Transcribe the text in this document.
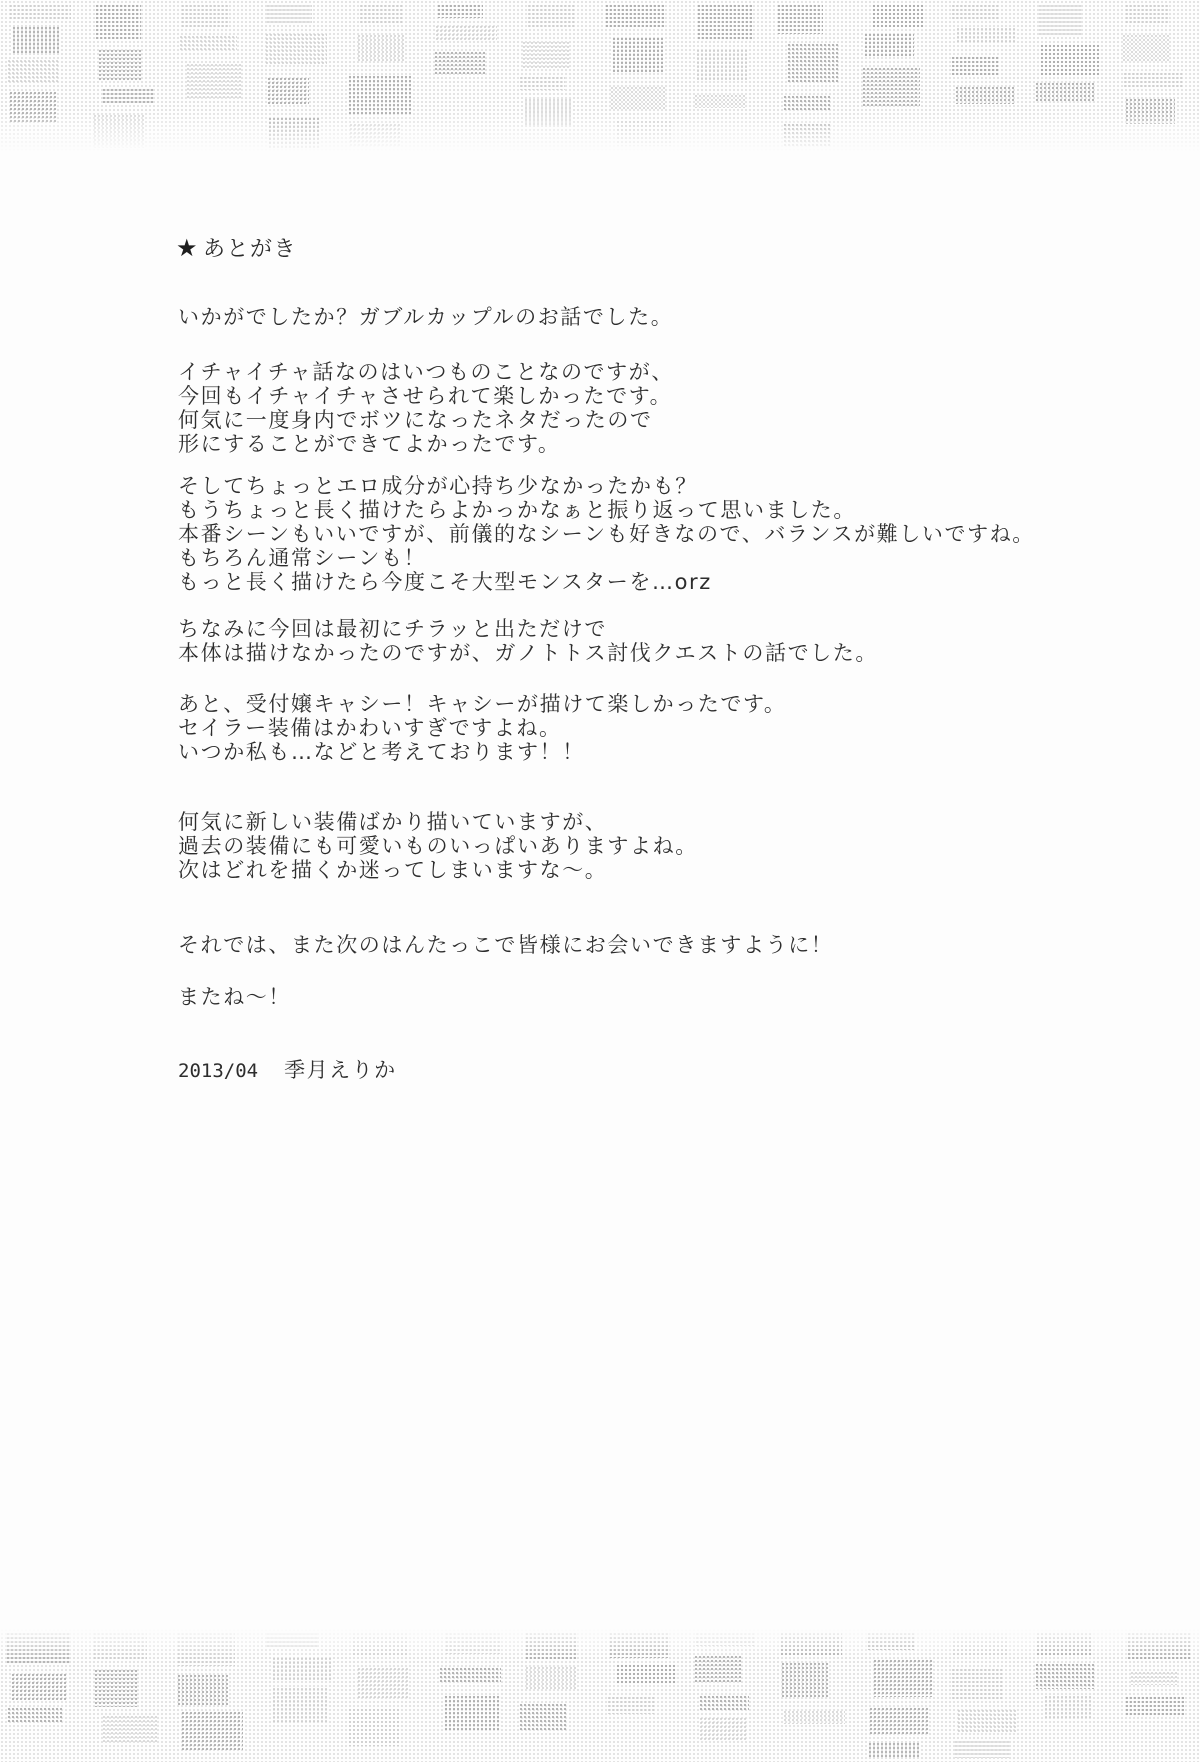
★ あとがき
いかがでしたか？ガブルカップルのお話でした。
イチャイチャ話なのはいつものことなのですが、
今回もイチャイチャさせられて楽しかったです。
何気に一度身内でボツになったネタだったので
形にすることができてよかったです。
そしてちょっとエロ成分が心持ち少なかったかも？
もうちょっと長く描けたらよかっかなぁと振り返って思いました。
本番シーンもいいですが、前儀的なシーンも好きなので、バランスが難しいですね。
もちろん通常シーンも！
もっと長く描けたら今度こそ大型モンスターを…orz
ちなみに今回は最初にチラッと出ただけで
本体は描けなかったのですが、ガノトトス討伐クエストの話でした。
あと、受付嬢キャシー！キャシーが描けて楽しかったです。
セイラー装備はかわいすぎですよね。
いつか私も…などと考えております！！
何気に新しい装備ばかり描いていますが、
過去の装備にも可愛いものいっぱいありますよね。
次はどれを描くか迷ってしまいますな〜。
それでは、また次のはんたっこで皆様にお会いできますように！
またね〜！
2013/04 季月えりか
